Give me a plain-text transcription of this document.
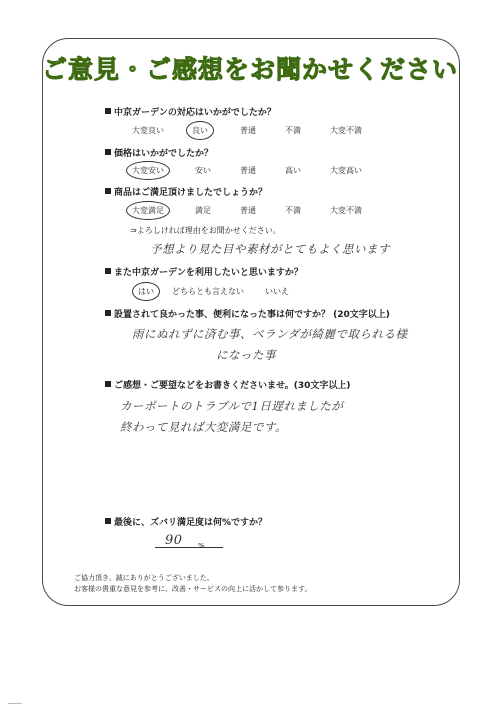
ご意見・ご感想をお聞かせください
中京ガーデンの対応はいかがでしたか？
大変良い	良い	普通	不満	大変不満
価格はいかがでしたか？
大変安い	安い	普通	高い	大変高い
商品はご満足頂けましたでしょうか？
大変満足	満足	普通	不満	大変不満
⇒よろしければ理由をお聞かせください。
予想より見た目や素材がとてもよく思います
また中京ガーデンを利用したいと思いますか？
はい どちらとも言えない	いいえ
設置されて良かった事、便利になった事は何ですか？ (20文字以上)
雨にぬれずに済む事、ベランダが綺麗で取られる様
になった事
ご感想・ご要望などをお書きくださいませ。(30文字以上)
カーポートのトラブルで1日遅れましたが
終わって見れば大変満足です。
最後に、ズバリ満足度は何%ですか？
90 %
ご協力頂き、誠にありがとうございました。
お客様の貴重な意見を参考に、改善・サービスの向上に活かして参ります。
